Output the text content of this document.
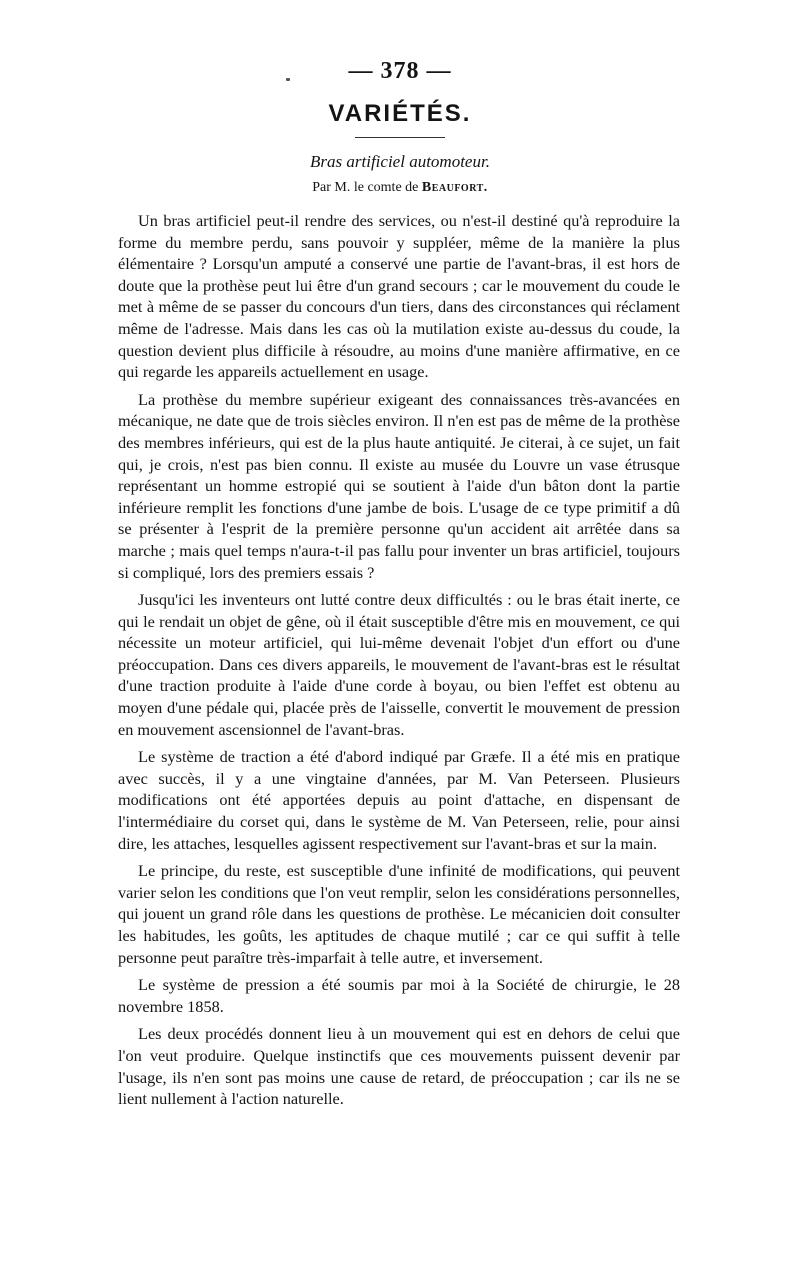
— 378 —
VARIÉTÉS.
Bras artificiel automoteur.
Par M. le comte de Beaufort.

Un bras artificiel peut-il rendre des services, ou n'est-il destiné qu'à reproduire la forme du membre perdu, sans pouvoir y suppléer, même de la manière la plus élémentaire ? Lorsqu'un amputé a conservé une partie de l'avant-bras, il est hors de doute que la prothèse peut lui être d'un grand secours ; car le mouvement du coude le met à même de se passer du concours d'un tiers, dans des circonstances qui réclament même de l'adresse. Mais dans les cas où la mutilation existe au-dessus du coude, la question devient plus difficile à résoudre, au moins d'une manière affirmative, en ce qui regarde les appareils actuellement en usage.

La prothèse du membre supérieur exigeant des connaissances très-avancées en mécanique, ne date que de trois siècles environ. Il n'en est pas de même de la prothèse des membres inférieurs, qui est de la plus haute antiquité. Je citerai, à ce sujet, un fait qui, je crois, n'est pas bien connu. Il existe au musée du Louvre un vase étrusque représentant un homme estropié qui se soutient à l'aide d'un bâton dont la partie inférieure remplit les fonctions d'une jambe de bois. L'usage de ce type primitif a dû se présenter à l'esprit de la première personne qu'un accident ait arrêtée dans sa marche ; mais quel temps n'aura-t-il pas fallu pour inventer un bras artificiel, toujours si compliqué, lors des premiers essais ?

Jusqu'ici les inventeurs ont lutté contre deux difficultés : ou le bras était inerte, ce qui le rendait un objet de gêne, où il était susceptible d'être mis en mouvement, ce qui nécessite un moteur artificiel, qui lui-même devenait l'objet d'un effort ou d'une préoccupation. Dans ces divers appareils, le mouvement de l'avant-bras est le résultat d'une traction produite à l'aide d'une corde à boyau, ou bien l'effet est obtenu au moyen d'une pédale qui, placée près de l'aisselle, convertit le mouvement de pression en mouvement ascensionnel de l'avant-bras.

Le système de traction a été d'abord indiqué par Græfe. Il a été mis en pratique avec succès, il y a une vingtaine d'années, par M. Van Peterseen. Plusieurs modifications ont été apportées depuis au point d'attache, en dispensant de l'intermédiaire du corset qui, dans le système de M. Van Peterseen, relie, pour ainsi dire, les attaches, lesquelles agissent respectivement sur l'avant-bras et sur la main.

Le principe, du reste, est susceptible d'une infinité de modifications, qui peuvent varier selon les conditions que l'on veut remplir, selon les considérations personnelles, qui jouent un grand rôle dans les questions de prothèse. Le mécanicien doit consulter les habitudes, les goûts, les aptitudes de chaque mutilé ; car ce qui suffit à telle personne peut paraître très-imparfait à telle autre, et inversement.

Le système de pression a été soumis par moi à la Société de chirurgie, le 28 novembre 1858.

Les deux procédés donnent lieu à un mouvement qui est en dehors de celui que l'on veut produire. Quelque instinctifs que ces mouvements puissent devenir par l'usage, ils n'en sont pas moins une cause de retard, de préoccupation ; car ils ne se lient nullement à l'action naturelle.
